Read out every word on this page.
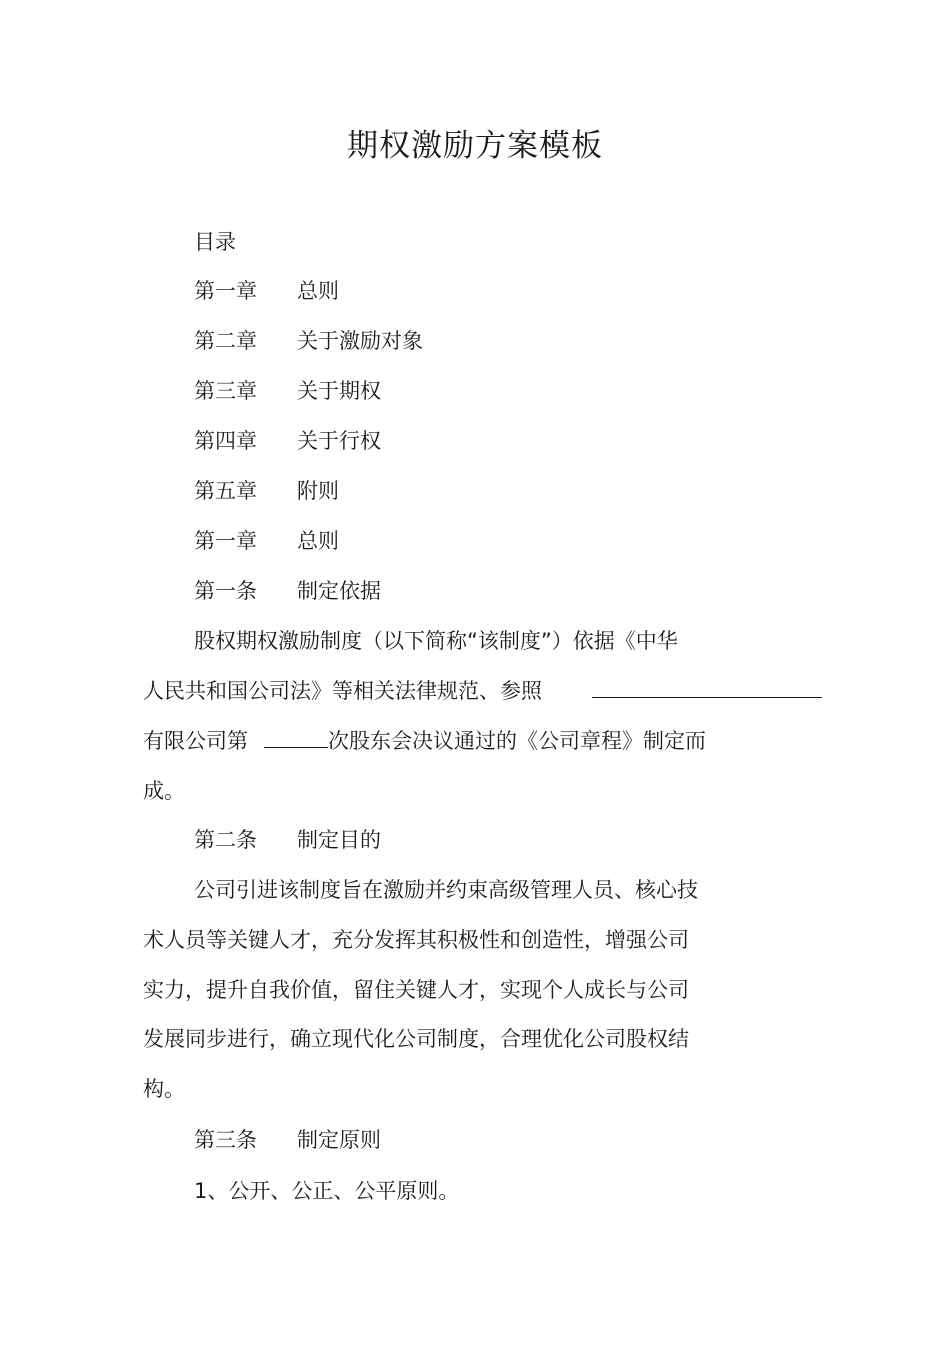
期权激励方案模板
目录
第一章 总则
第二章 关于激励对象
第三章 关于期权
第四章 关于行权
第五章 附则
第一章 总则
第一条 制定依据
股权期权激励制度（以下简称“该制度”）依据《中华
人民共和国公司法》等相关法律规范、参照
有限公司第	次股东会决议通过的《公司章程》制定而
成。
第二条 制定目的
公司引进该制度旨在激励并约束高级管理人员、核心技
术人员等关键人才，充分发挥其积极性和创造性，增强公司
实力，提升自我价值，留住关键人才，实现个人成长与公司
发展同步进行，确立现代化公司制度，合理优化公司股权结
构。
第三条 制定原则
1、公开、公正、公平原则。
